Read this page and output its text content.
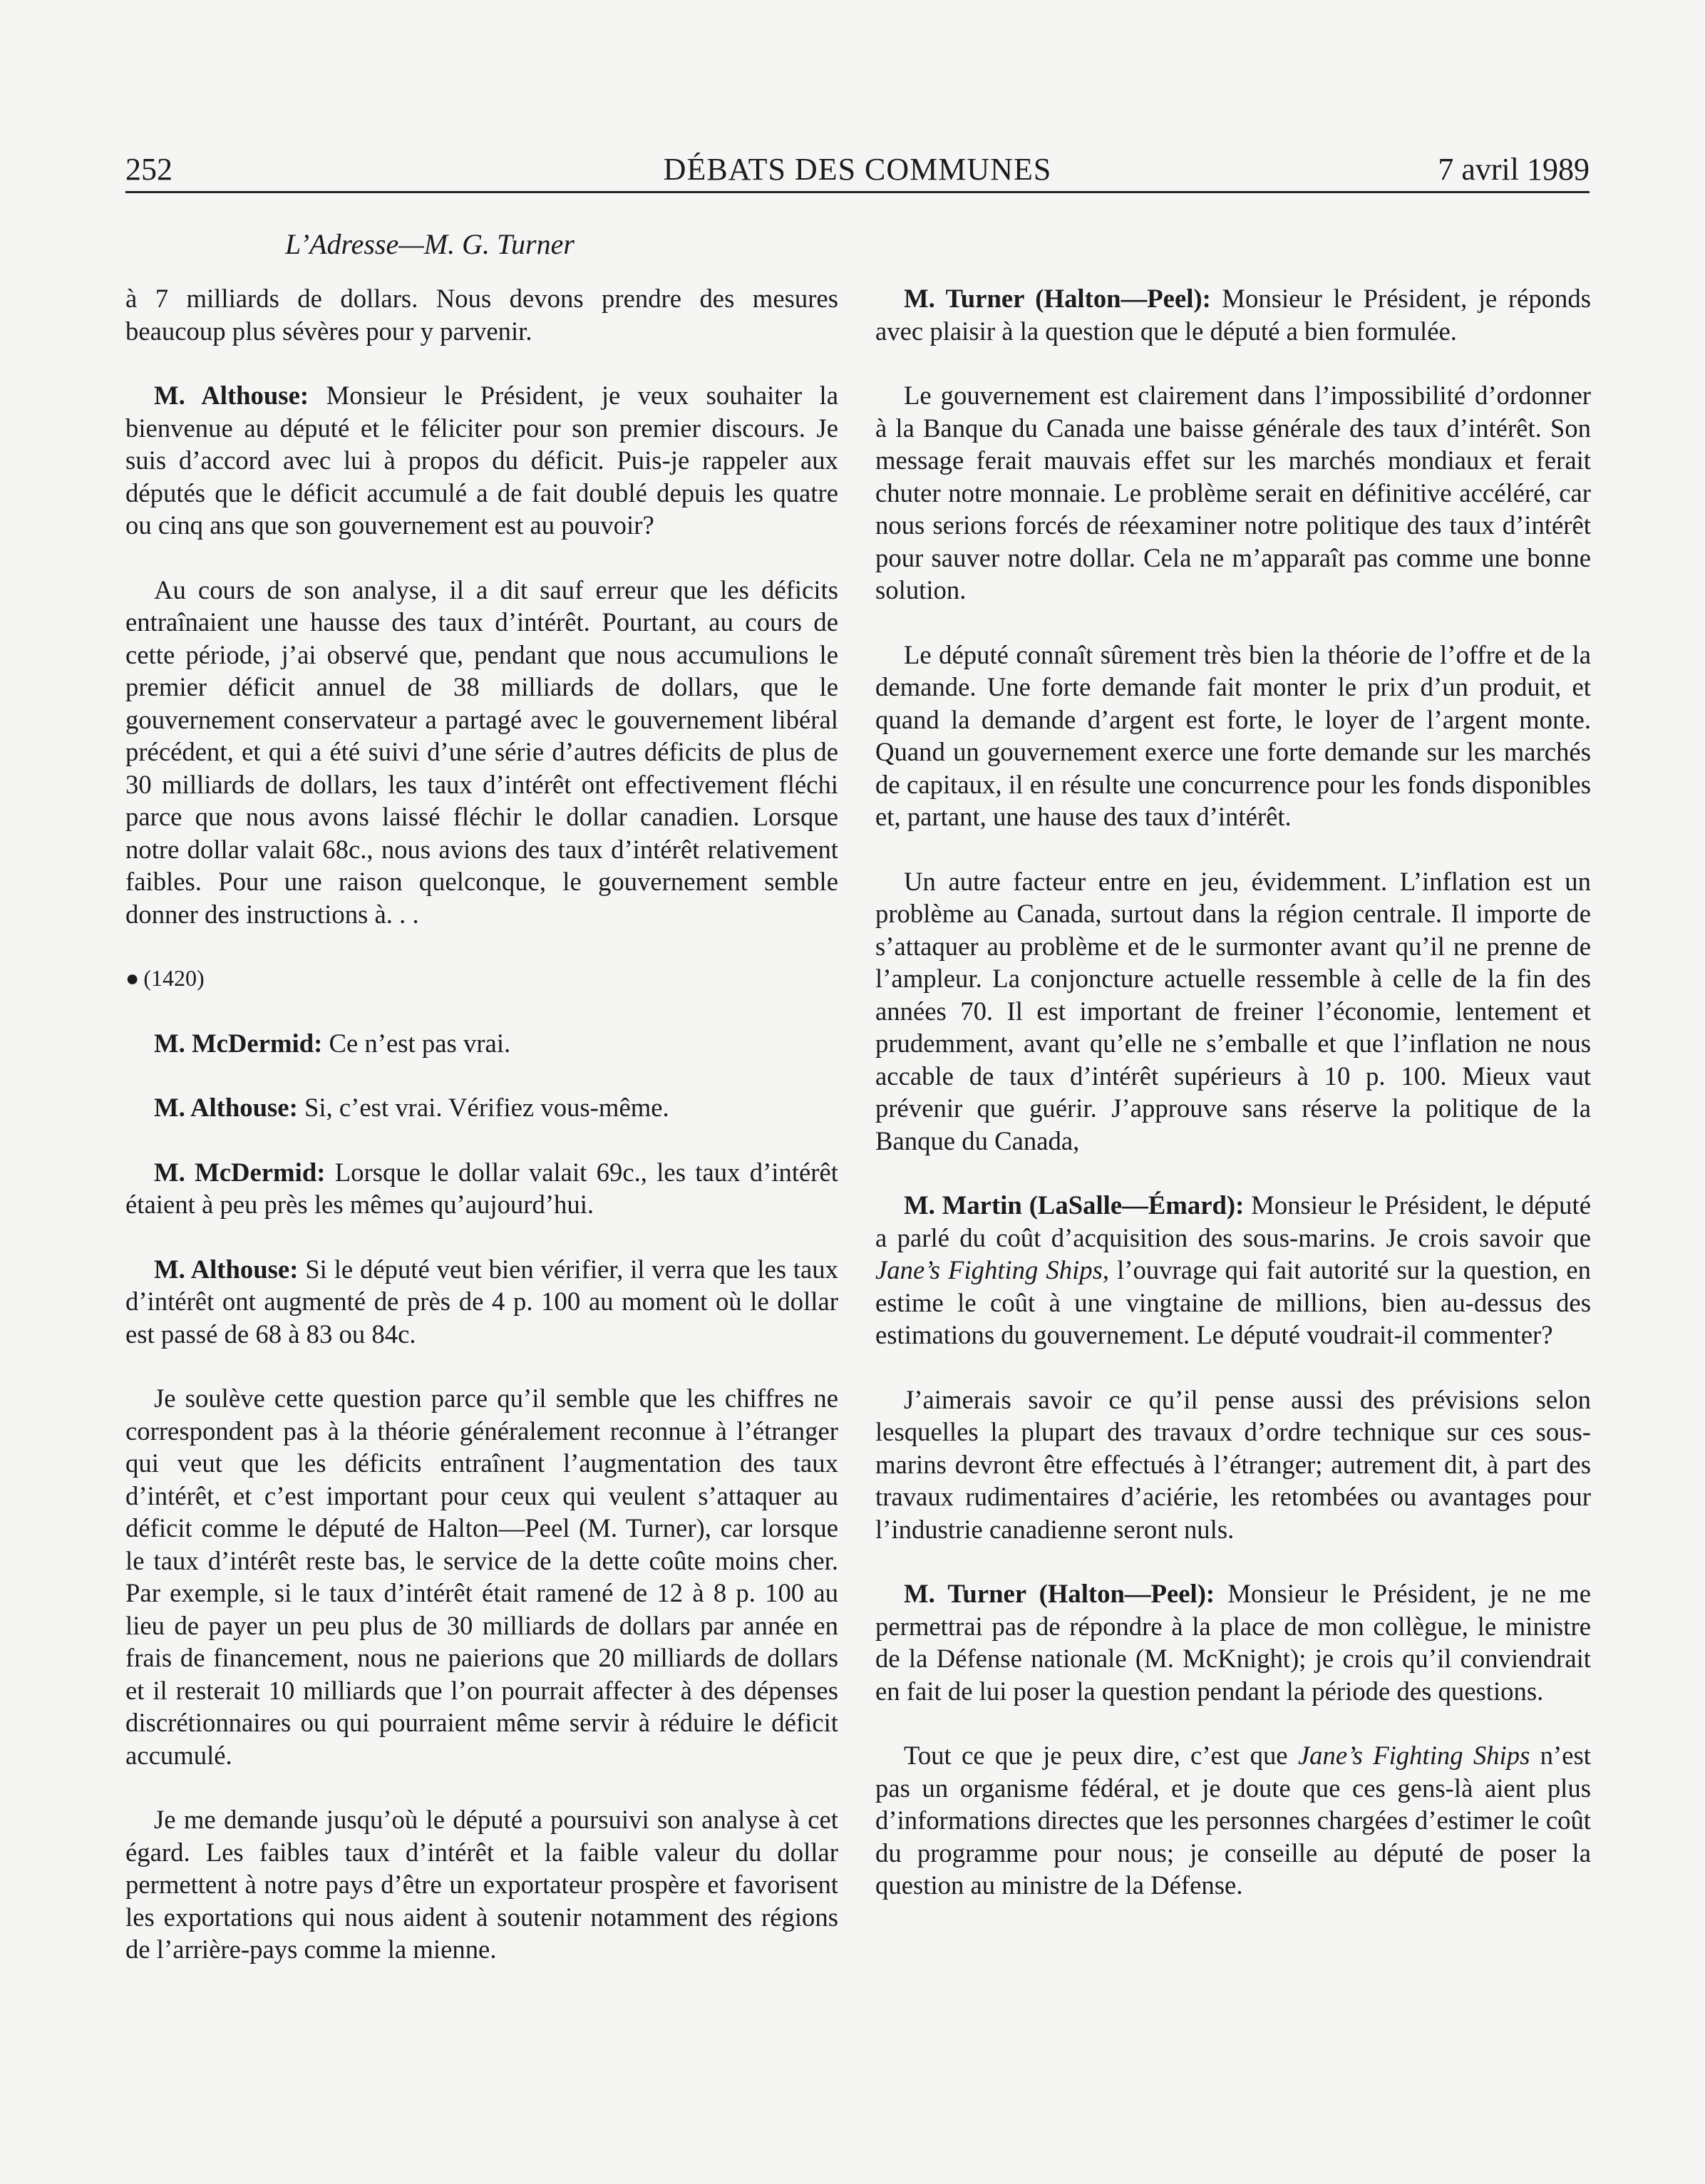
252	DÉBATS DES COMMUNES	7 avril 1989
L’Adresse—M. G. Turner

à 7 milliards de dollars. Nous devons prendre des mesures beaucoup plus sévères pour y parvenir.

M. Althouse: Monsieur le Président, je veux souhaiter la bienvenue au député et le féliciter pour son premier discours. Je suis d’accord avec lui à propos du déficit. Puis-je rappeler aux députés que le déficit accumulé a de fait doublé depuis les quatre ou cinq ans que son gouvernement est au pouvoir?

Au cours de son analyse, il a dit sauf erreur que les déficits entraînaient une hausse des taux d’intérêt. Pourtant, au cours de cette période, j’ai observé que, pendant que nous accumulions le premier déficit annuel de 38 milliards de dollars, que le gouvernement conservateur a partagé avec le gouvernement libéral précédent, et qui a été suivi d’une série d’autres déficits de plus de 30 milliards de dollars, les taux d’intérêt ont effectivement fléchi parce que nous avons laissé fléchir le dollar canadien. Lorsque notre dollar valait 68c., nous avions des taux d’intérêt relativement faibles. Pour une raison quelconque, le gouvernement semble donner des instructions à. . .

● (1420)

M. McDermid: Ce n’est pas vrai.

M. Althouse: Si, c’est vrai. Vérifiez vous-même.

M. McDermid: Lorsque le dollar valait 69c., les taux d’intérêt étaient à peu près les mêmes qu’aujourd’hui.

M. Althouse: Si le député veut bien vérifier, il verra que les taux d’intérêt ont augmenté de près de 4 p. 100 au moment où le dollar est passé de 68 à 83 ou 84c.

Je soulève cette question parce qu’il semble que les chiffres ne correspondent pas à la théorie généralement reconnue à l’étranger qui veut que les déficits entraînent l’augmentation des taux d’intérêt, et c’est important pour ceux qui veulent s’attaquer au déficit comme le député de Halton—Peel (M. Turner), car lorsque le taux d’intérêt reste bas, le service de la dette coûte moins cher. Par exemple, si le taux d’intérêt était ramené de 12 à 8 p. 100 au lieu de payer un peu plus de 30 milliards de dollars par année en frais de financement, nous ne paierions que 20 milliards de dollars et il resterait 10 milliards que l’on pourrait affecter à des dépenses discrétionnaires ou qui pourraient même servir à réduire le déficit accumulé.

Je me demande jusqu’où le député a poursuivi son analyse à cet égard. Les faibles taux d’intérêt et la faible valeur du dollar permettent à notre pays d’être un exportateur prospère et favorisent les exportations qui nous aident à soutenir notamment des régions de l’arrière-pays comme la mienne.

M. Turner (Halton—Peel): Monsieur le Président, je réponds avec plaisir à la question que le député a bien formulée.

Le gouvernement est clairement dans l’impossibilité d’ordonner à la Banque du Canada une baisse générale des taux d’intérêt. Son message ferait mauvais effet sur les marchés mondiaux et ferait chuter notre monnaie. Le problème serait en définitive accéléré, car nous serions forcés de réexaminer notre politique des taux d’intérêt pour sauver notre dollar. Cela ne m’apparaît pas comme une bonne solution.

Le député connaît sûrement très bien la théorie de l’offre et de la demande. Une forte demande fait monter le prix d’un produit, et quand la demande d’argent est forte, le loyer de l’argent monte. Quand un gouvernement exerce une forte demande sur les marchés de capitaux, il en résulte une concurrence pour les fonds disponibles et, partant, une hause des taux d’intérêt.

Un autre facteur entre en jeu, évidemment. L’inflation est un problème au Canada, surtout dans la région centrale. Il importe de s’attaquer au problème et de le surmonter avant qu’il ne prenne de l’ampleur. La conjoncture actuelle ressemble à celle de la fin des années 70. Il est important de freiner l’économie, lentement et prudemment, avant qu’elle ne s’emballe et que l’inflation ne nous accable de taux d’intérêt supérieurs à 10 p. 100. Mieux vaut prévenir que guérir. J’approuve sans réserve la politique de la Banque du Canada,

M. Martin (LaSalle—Émard): Monsieur le Président, le député a parlé du coût d’acquisition des sous-marins. Je crois savoir que Jane’s Fighting Ships, l’ouvrage qui fait autorité sur la question, en estime le coût à une vingtaine de millions, bien au-dessus des estimations du gouvernement. Le député voudrait-il commenter?

J’aimerais savoir ce qu’il pense aussi des prévisions selon lesquelles la plupart des travaux d’ordre technique sur ces sous-marins devront être effectués à l’étranger; autrement dit, à part des travaux rudimentaires d’aciérie, les retombées ou avantages pour l’industrie canadienne seront nuls.

M. Turner (Halton—Peel): Monsieur le Président, je ne me permettrai pas de répondre à la place de mon collègue, le ministre de la Défense nationale (M. McKnight); je crois qu’il conviendrait en fait de lui poser la question pendant la période des questions.

Tout ce que je peux dire, c’est que Jane’s Fighting Ships n’est pas un organisme fédéral, et je doute que ces gens-là aient plus d’informations directes que les personnes chargées d’estimer le coût du programme pour nous; je conseille au député de poser la question au ministre de la Défense.
